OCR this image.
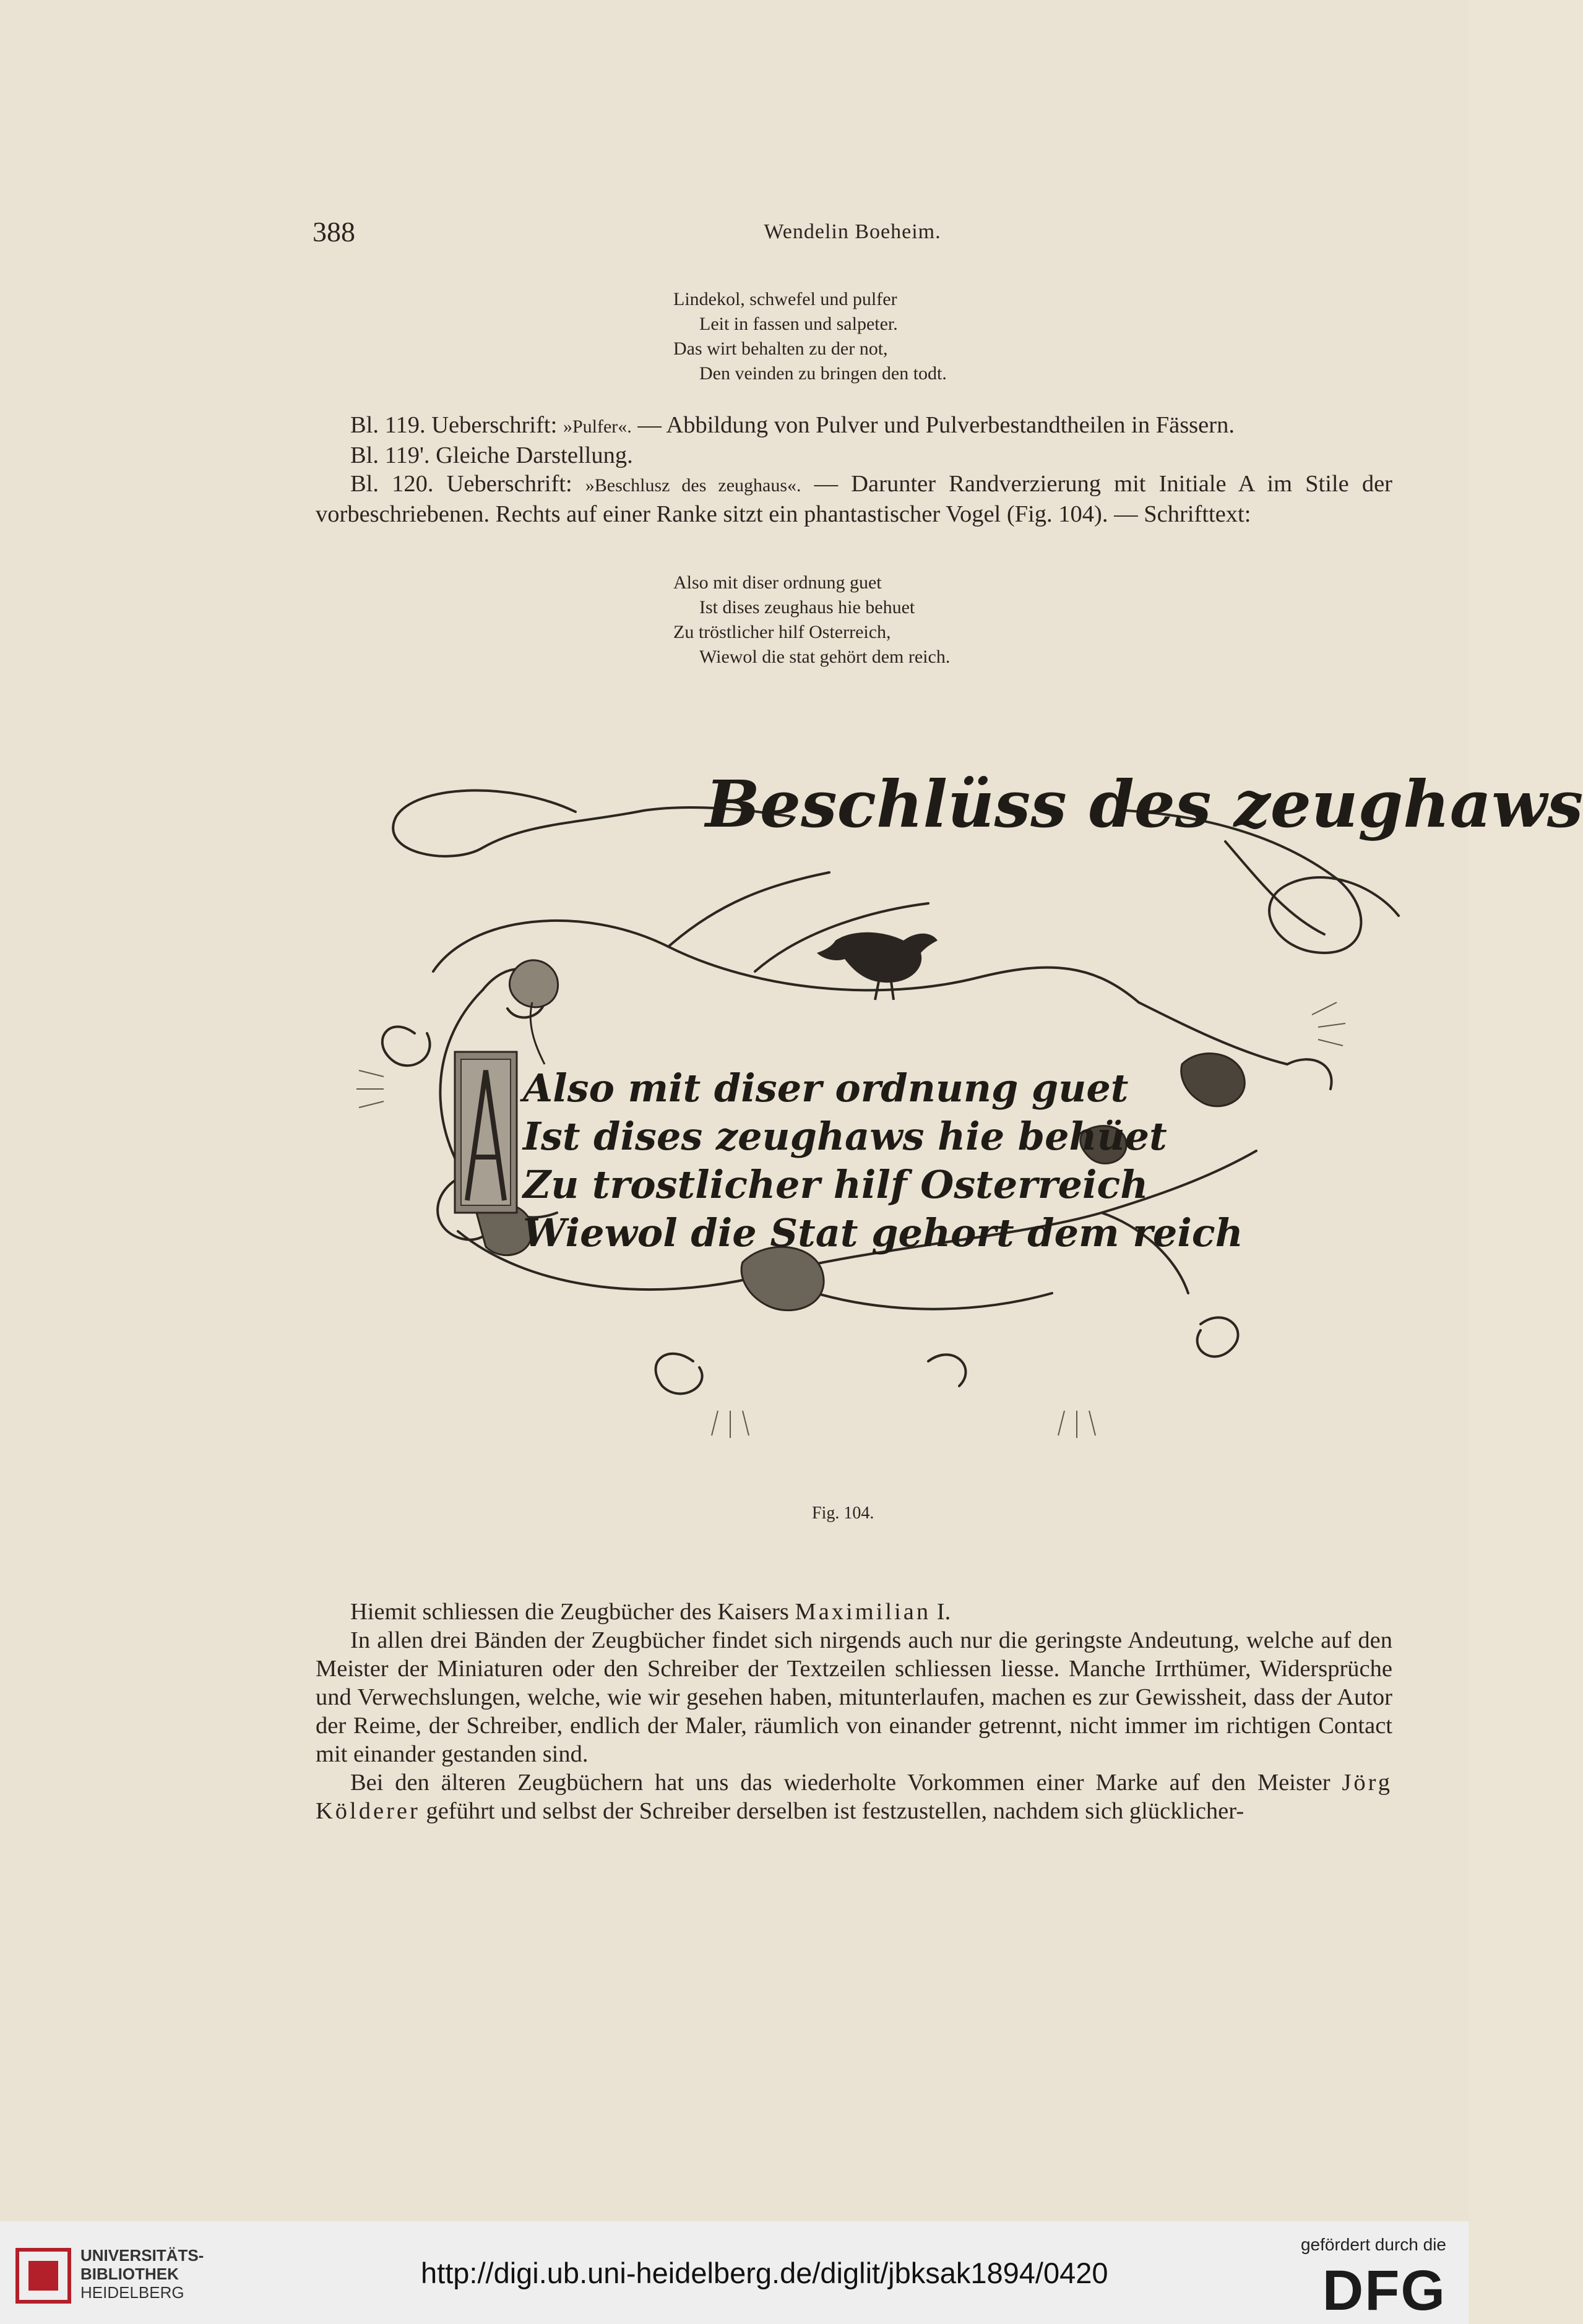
388	Wendelin Boeheim.
Lindekol, schwefel und pulfer
Leit in fassen und salpeter.
Das wirt behalten zu der not,
Den veinden zu bringen den todt.

Bl. 119. Ueberschrift: »Pulfer«. — Abbildung von Pulver und Pulverbestandtheilen in Fässern.

Bl. 119'. Gleiche Darstellung.

Bl. 120. Ueberschrift: »Beschlusz des zeughaus«. — Darunter Randverzierung mit Initiale A im Stile der vorbeschriebenen. Rechts auf einer Ranke sitzt ein phantastischer Vogel (Fig. 104). — Schrifttext:

Also mit diser ordnung guet
Ist dises zeughaus hie behuet
Zu tröstlicher hilf Osterreich,
Wiewol die stat gehört dem reich.
Beschlüss des zeughaws
Also mit diser ordnung guet
Ist dises zeughaws hie behüet
Zu trostlicher hilf Osterreich
Wiewol die Stat gehort dem reich
Fig. 104.

Hiemit schliessen die Zeugbücher des Kaisers Maximilian I.

In allen drei Bänden der Zeugbücher findet sich nirgends auch nur die geringste Andeutung, welche auf den Meister der Miniaturen oder den Schreiber der Textzeilen schliessen liesse. Manche Irrthümer, Widersprüche und Verwechslungen, welche, wie wir gesehen haben, mitunterlaufen, machen es zur Gewissheit, dass der Autor der Reime, der Schreiber, endlich der Maler, räumlich von einander getrennt, nicht immer im richtigen Contact mit einander gestanden sind.

Bei den älteren Zeugbüchern hat uns das wiederholte Vorkommen einer Marke auf den Meister Jörg Kölderer geführt und selbst der Schreiber derselben ist festzustellen, nachdem sich glücklicher-

UNIVERSITÄTS-
BIBLIOTHEK
HEIDELBERG
http://digi.ub.uni-heidelberg.de/diglit/jbksak1894/0420
gefördert durch die
DFG
